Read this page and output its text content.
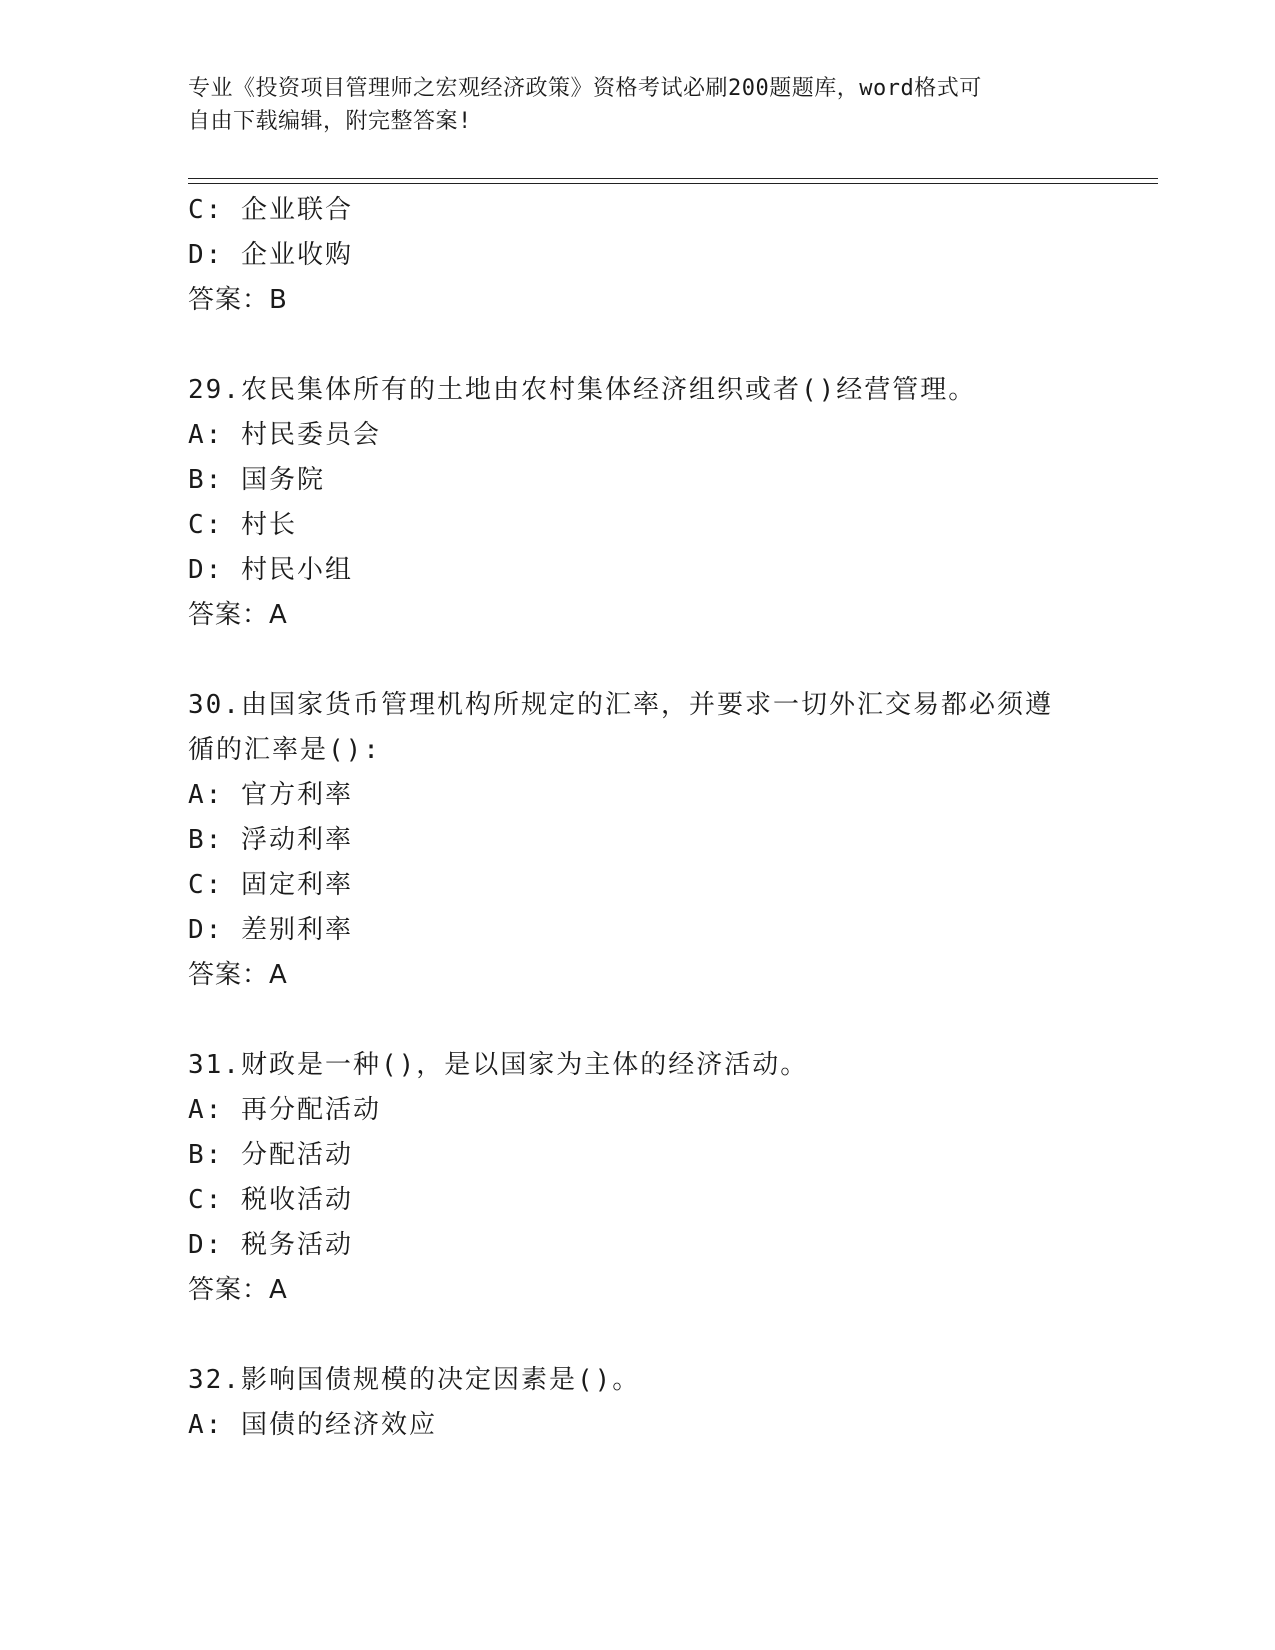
专业《投资项目管理师之宏观经济政策》资格考试必刷200题题库，word格式可
自由下载编辑，附完整答案!
C: 企业联合
D: 企业收购
答案：B
29.农民集体所有的土地由农村集体经济组织或者()经营管理。
A: 村民委员会
B: 国务院
C: 村长
D: 村民小组
答案：A
30.由国家货币管理机构所规定的汇率，并要求一切外汇交易都必须遵
循的汇率是():
A: 官方利率
B: 浮动利率
C: 固定利率
D: 差别利率
答案：A
31.财政是一种()，是以国家为主体的经济活动。
A: 再分配活动
B: 分配活动
C: 税收活动
D: 税务活动
答案：A
32.影响国债规模的决定因素是()。
A: 国债的经济效应
